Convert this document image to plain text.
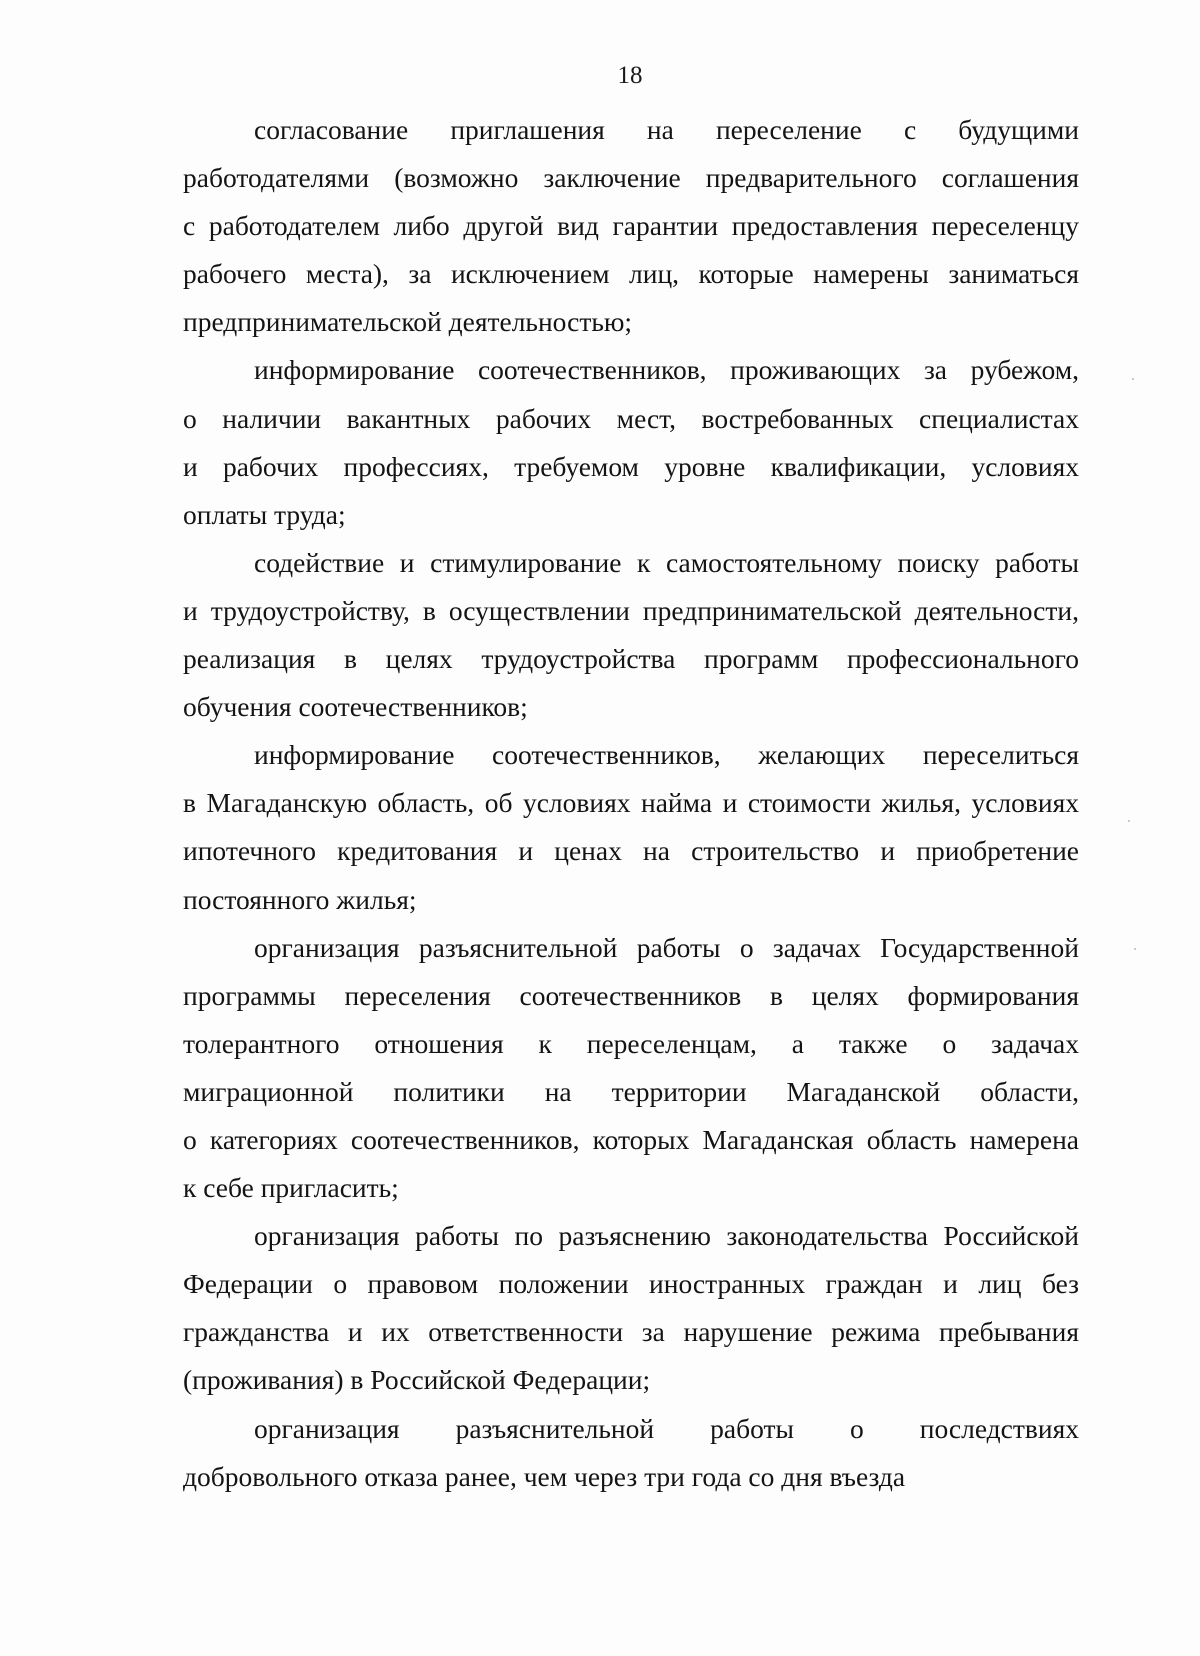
18
согласование приглашения на переселение с будущими
работодателями (возможно заключение предварительного соглашения
с работодателем либо другой вид гарантии предоставления переселенцу
рабочего места), за исключением лиц, которые намерены заниматься
предпринимательской деятельностью;
информирование соотечественников, проживающих за рубежом,
о наличии вакантных рабочих мест, востребованных специалистах
и рабочих профессиях, требуемом уровне квалификации, условиях
оплаты труда;
содействие и стимулирование к самостоятельному поиску работы
и трудоустройству, в осуществлении предпринимательской деятельности,
реализация в целях трудоустройства программ профессионального
обучения соотечественников;
информирование соотечественников, желающих переселиться
в Магаданскую область, об условиях найма и стоимости жилья, условиях
ипотечного кредитования и ценах на строительство и приобретение
постоянного жилья;
организация разъяснительной работы о задачах Государственной
программы переселения соотечественников в целях формирования
толерантного отношения к переселенцам, а также о задачах
миграционной политики на территории Магаданской области,
о категориях соотечественников, которых Магаданская область намерена
к себе пригласить;
организация работы по разъяснению законодательства Российской
Федерации о правовом положении иностранных граждан и лиц без
гражданства и их ответственности за нарушение режима пребывания
(проживания) в Российской Федерации;
организация разъяснительной работы о последствиях
добровольного отказа ранее, чем через три года со дня въезда
